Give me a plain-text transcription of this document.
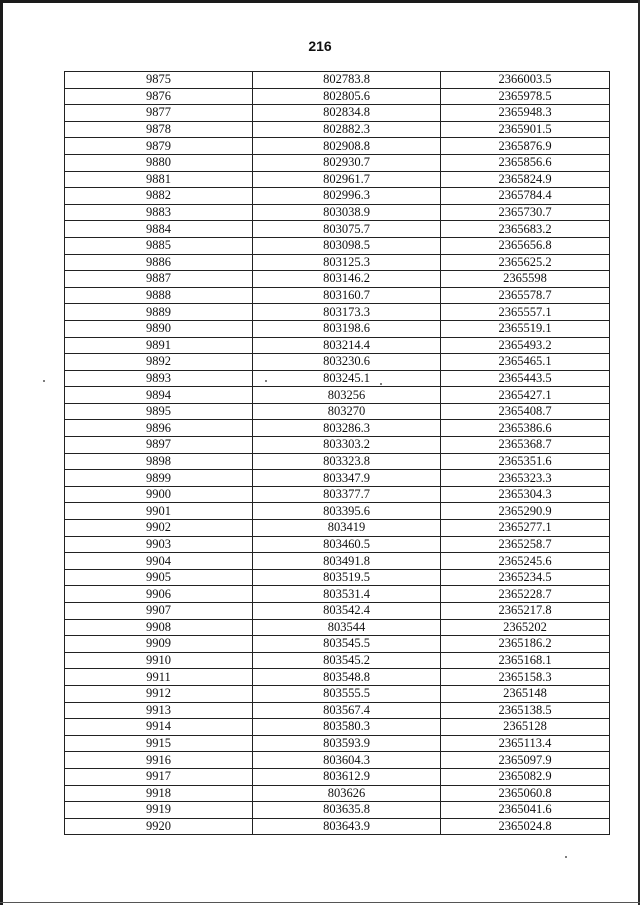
216
9875	802783.8	2366003.5
9876	802805.6	2365978.5
9877	802834.8	2365948.3
9878	802882.3	2365901.5
9879	802908.8	2365876.9
9880	802930.7	2365856.6
9881	802961.7	2365824.9
9882	802996.3	2365784.4
9883	803038.9	2365730.7
9884	803075.7	2365683.2
9885	803098.5	2365656.8
9886	803125.3	2365625.2
9887	803146.2	2365598
9888	803160.7	2365578.7
9889	803173.3	2365557.1
9890	803198.6	2365519.1
9891	803214.4	2365493.2
9892	803230.6	2365465.1
9893	803245.1	2365443.5
9894	803256	2365427.1
9895	803270	2365408.7
9896	803286.3	2365386.6
9897	803303.2	2365368.7
9898	803323.8	2365351.6
9899	803347.9	2365323.3
9900	803377.7	2365304.3
9901	803395.6	2365290.9
9902	803419	2365277.1
9903	803460.5	2365258.7
9904	803491.8	2365245.6
9905	803519.5	2365234.5
9906	803531.4	2365228.7
9907	803542.4	2365217.8
9908	803544	2365202
9909	803545.5	2365186.2
9910	803545.2	2365168.1
9911	803548.8	2365158.3
9912	803555.5	2365148
9913	803567.4	2365138.5
9914	803580.3	2365128
9915	803593.9	2365113.4
9916	803604.3	2365097.9
9917	803612.9	2365082.9
9918	803626	2365060.8
9919	803635.8	2365041.6
9920	803643.9	2365024.8
